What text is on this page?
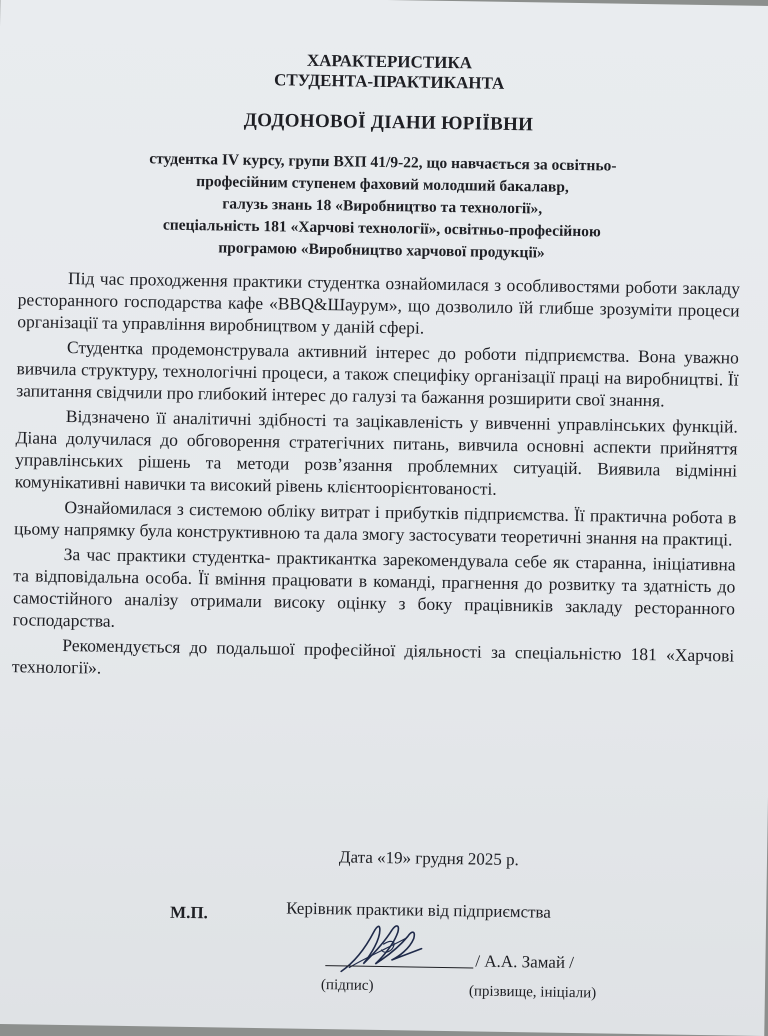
ХАРАКТЕРИСТИКА
СТУДЕНТА-ПРАКТИКАНТА
ДОДОНОВОЇ ДІАНИ ЮРІЇВНИ
студентка IV курсу, групи ВХП 41/9-22, що навчається за освітньо-
професійним ступенем фаховий молодший бакалавр,
галузь знань 18 «Виробництво та технології»,
спеціальність 181 «Харчові технології», освітньо-професійною
програмою «Виробництво харчової продукції»

Під час проходження практики студентка ознайомилася з особливостями роботи закладу ресторанного господарства кафе «BBQ&Шаурум», що дозволило їй глибше зрозуміти процеси організації та управління виробництвом у даній сфері.

Студентка продемонструвала активний інтерес до роботи підприємства. Вона уважно вивчила структуру, технологічні процеси, а також специфіку організації праці на виробництві. Її запитання свідчили про глибокий інтерес до галузі та бажання розширити свої знання.

Відзначено її аналітичні здібності та зацікавленість у вивченні управлінських функцій. Діана долучилася до обговорення стратегічних питань, вивчила основні аспекти прийняття управлінських рішень та методи розв’язання проблемних ситуацій. Виявила відмінні комунікативні навички та високий рівень клієнтоорієнтованості.

Ознайомилася з системою обліку витрат і прибутків підприємства. Її практична робота в цьому напрямку була конструктивною та дала змогу застосувати теоретичні знання на практиці.

За час практики студентка- практикантка зарекомендувала себе як старанна, ініціативна та відповідальна особа. Її вміння працювати в команді, прагнення до розвитку та здатність до самостійного аналізу отримали високу оцінку з боку працівників закладу ресторанного господарства.

Рекомендується до подальшої професійної діяльності за спеціальністю 181 «Харчові технології».

Дата «19» грудня 2025 р.
М.П.	Керівник практики від підприємства
/ А.А. Замай /
(підпис)	(прізвище, ініціали)
